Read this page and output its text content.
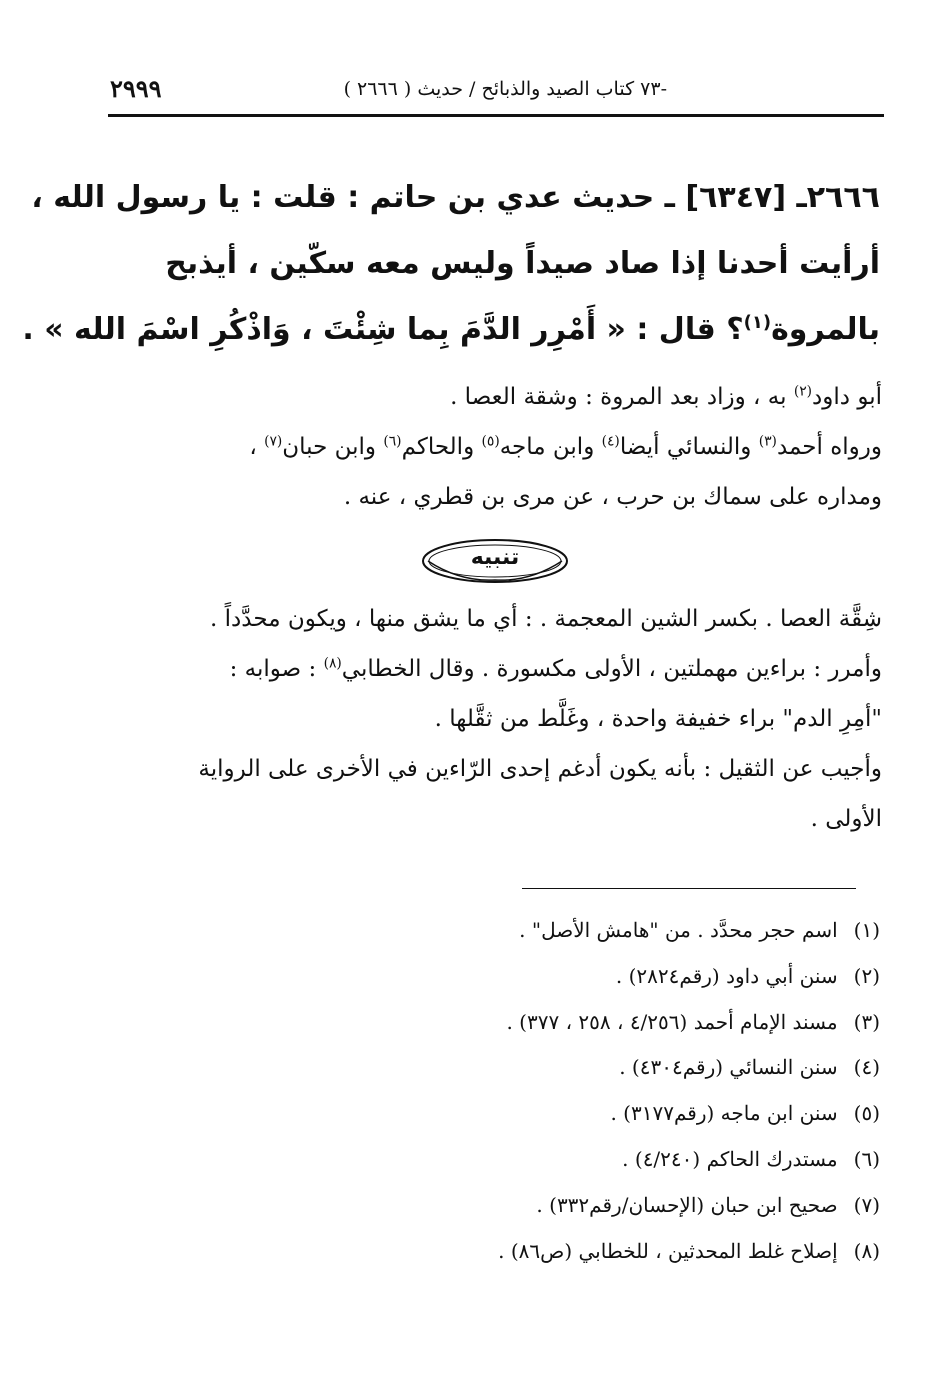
-٧٣ كتاب الصيد والذبائح / حديث ( ٢٦٦٦ )
٢٩٩٩
٢٦٦٦ـ [٦٣٤٧] ـ حديث عدي بن حاتم : قلت : يا رسول الله ،
أرأيت أحدنا إذا صاد صيداً وليس معه سكّين ، أيذبح
بالمروة$^{(١)}$؟ قال : « أَمْرِر الدَّمَ بِما شِئْتَ ، وَاذْكُرِ اسْمَ الله » .
أبو داود$^{(٢)}$ به ، وزاد بعد المروة : وشقة العصا .
ورواه أحمد$^{(٣)}$ والنسائي أيضا$^{(٤)}$ وابن ماجه$^{(٥)}$ والحاكم$^{(٦)}$ وابن حبان$^{(٧)}$ ،
ومداره على سماك بن حرب ، عن مرى بن قطري ، عنه .
تنبيه
شِقَّة العصا . بكسر الشين المعجمة . : أي ما يشق منها ، ويكون محدَّداً .
وأمرر : براءين مهملتين ، الأولى مكسورة . وقال الخطابي$^{(٨)}$ : صوابه :
"أمِرِ الدم" براء خفيفة واحدة ، وغَلَّط من ثقَّلها .
وأجيب عن الثقيل : بأنه يكون أدغم إحدى الرّاءين في الأخرى على الرواية
الأولى .
(١) اسم حجر محدَّد . من "هامش الأصل" .
(٢) سنن أبي داود (رقم٢٨٢٤) .
(٣) مسند الإمام أحمد (٤/٢٥٦ ، ٢٥٨ ، ٣٧٧) .
(٤) سنن النسائي (رقم٤٣٠٤) .
(٥) سنن ابن ماجه (رقم٣١٧٧) .
(٦) مستدرك الحاكم (٤/٢٤٠) .
(٧) صحيح ابن حبان (الإحسان/رقم٣٣٢) .
(٨) إصلاح غلط المحدثين ، للخطابي (ص٨٦) .
